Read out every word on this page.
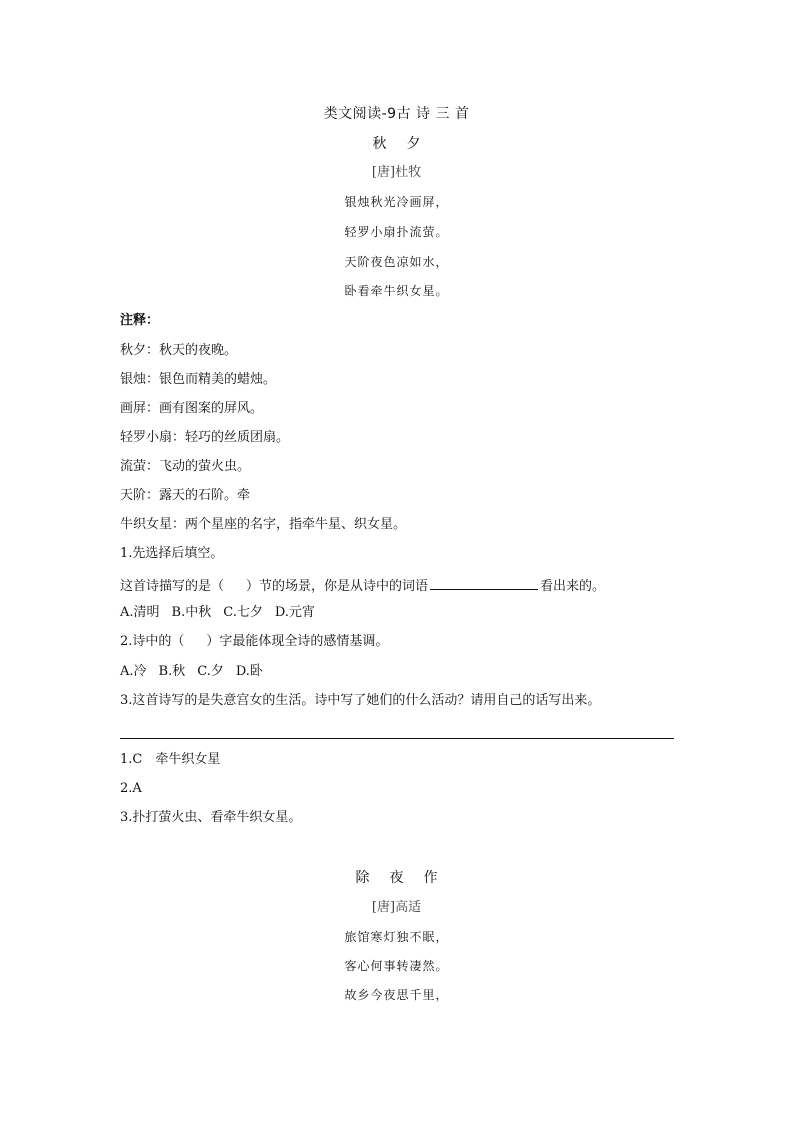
类文阅读-9古 诗 三 首
秋夕
[唐]杜牧
银烛秋光冷画屏，
轻罗小扇扑流萤。
天阶夜色凉如水，
卧看牵牛织女星。
注释：
秋夕：秋天的夜晚。
银烛：银色而精美的蜡烛。
画屏：画有图案的屏风。
轻罗小扇：轻巧的丝质团扇。
流萤：飞动的萤火虫。
天阶：露天的石阶。牵
牛织女星：两个星座的名字，指牵牛星、织女星。
1.先选择后填空。
这首诗描写的是（ ）节的场景，你是从诗中的词语	看出来的。
A.清明 B.中秋 C.七夕 D.元宵
2.诗中的（ ）字最能体现全诗的感情基调。
A.冷 B.秋 C.夕 D.卧
3.这首诗写的是失意宫女的生活。诗中写了她们的什么活动？请用自己的话写出来。
1.C　牵牛织女星
2.A
3.扑打萤火虫、看牵牛织女星。
除夜作
[唐]高适
旅馆寒灯独不眠，
客心何事转凄然。
故乡今夜思千里，
